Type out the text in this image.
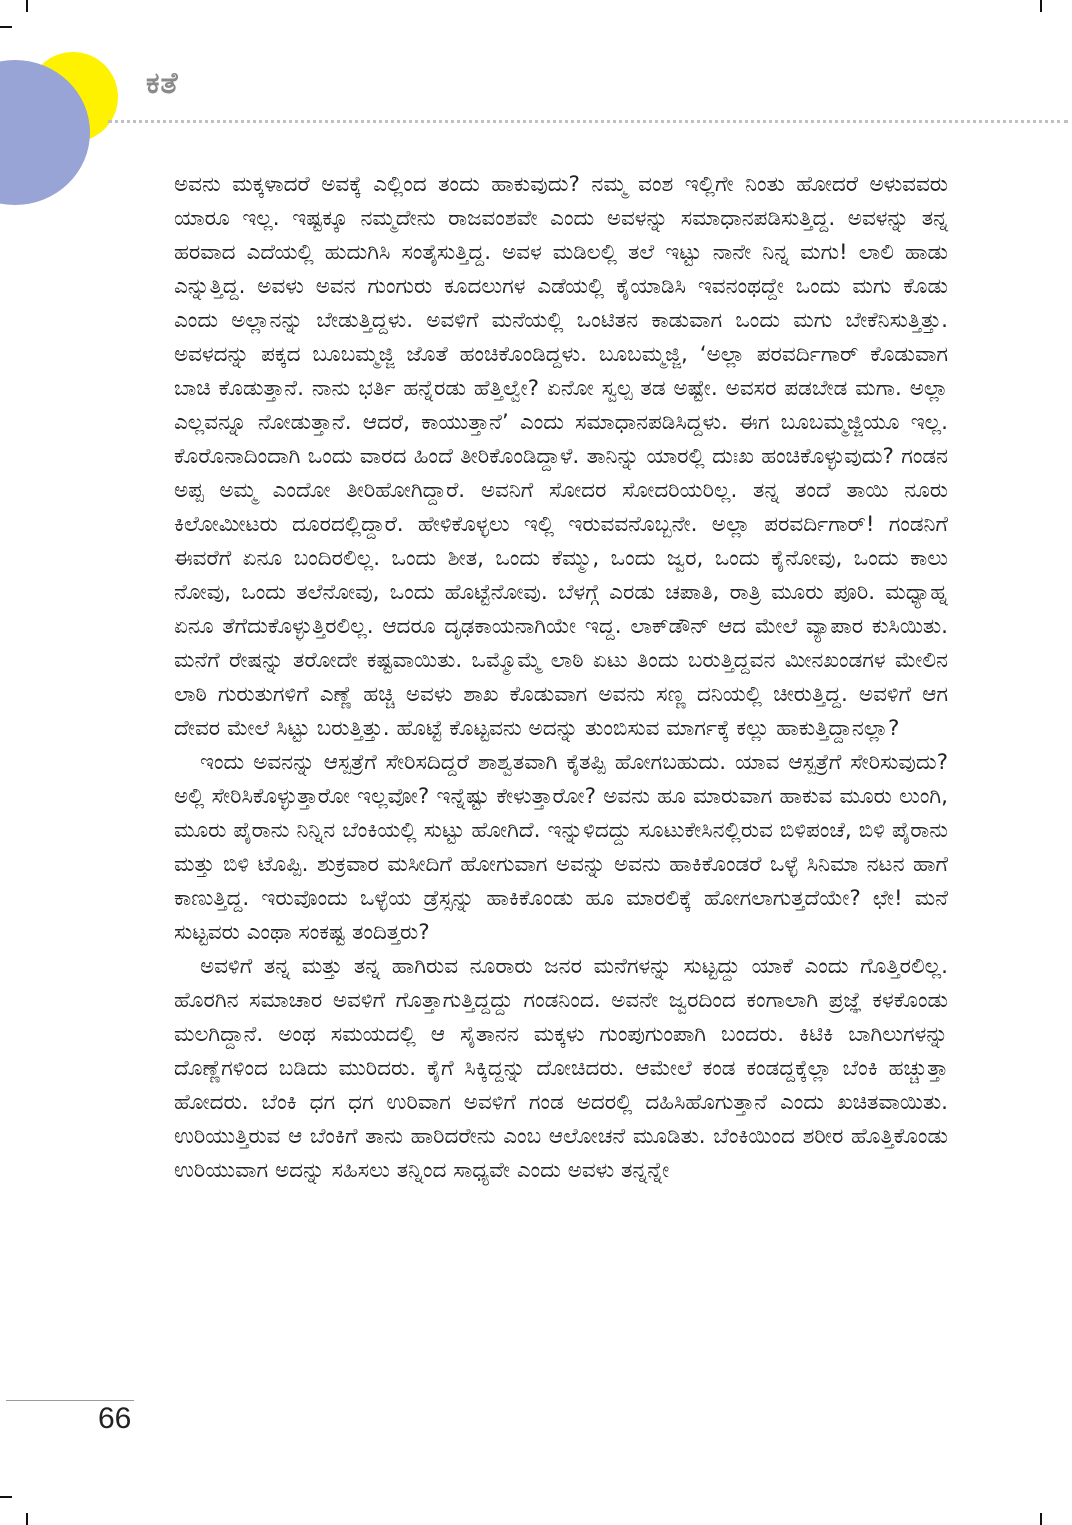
ಕತೆ

ಅವನು ಮಕ್ಕಳಾದರೆ ಅವಕ್ಕೆ ಎಲ್ಲಿಂದ ತಂದು ಹಾಕುವುದು? ನಮ್ಮ ವಂಶ ಇಲ್ಲಿಗೇ ನಿಂತು ಹೋದರೆ ಅಳುವವರು ಯಾರೂ ಇಲ್ಲ. ಇಷ್ಟಕ್ಕೂ ನಮ್ಮದೇನು ರಾಜವಂಶವೇ ಎಂದು ಅವಳನ್ನು ಸಮಾಧಾನಪಡಿಸುತ್ತಿದ್ದ. ಅವಳನ್ನು ತನ್ನ ಹರವಾದ ಎದೆಯಲ್ಲಿ ಹುದುಗಿಸಿ ಸಂತೈಸುತ್ತಿದ್ದ. ಅವಳ ಮಡಿಲಲ್ಲಿ ತಲೆ ಇಟ್ಟು ನಾನೇ ನಿನ್ನ ಮಗು! ಲಾಲಿ ಹಾಡು ಎನ್ನುತ್ತಿದ್ದ. ಅವಳು ಅವನ ಗುಂಗುರು ಕೂದಲುಗಳ ಎಡೆಯಲ್ಲಿ ಕೈಯಾಡಿಸಿ ಇವನಂಥದ್ದೇ ಒಂದು ಮಗು ಕೊಡು ಎಂದು ಅಲ್ಲಾನನ್ನು ಬೇಡುತ್ತಿದ್ದಳು. ಅವಳಿಗೆ ಮನೆಯಲ್ಲಿ ಒಂಟಿತನ ಕಾಡುವಾಗ ಒಂದು ಮಗು ಬೇಕೆನಿಸುತ್ತಿತ್ತು. ಅವಳದನ್ನು ಪಕ್ಕದ ಬೂಬಮ್ಮಜ್ಜಿ ಜೊತೆ ಹಂಚಿಕೊಂಡಿದ್ದಳು. ಬೂಬಮ್ಮಜ್ಜಿ, ‘ಅಲ್ಲಾ ಪರವರ್ದಿಗಾರ್ ಕೊಡುವಾಗ ಬಾಚಿ ಕೊಡುತ್ತಾನೆ. ನಾನು ಭರ್ತಿ ಹನ್ನೆರಡು ಹೆತ್ತಿಲ್ವೇ? ಏನೋ ಸ್ವಲ್ಪ ತಡ ಅಷ್ಟೇ. ಅವಸರ ಪಡಬೇಡ ಮಗಾ. ಅಲ್ಲಾ ಎಲ್ಲವನ್ನೂ ನೋಡುತ್ತಾನೆ. ಆದರೆ, ಕಾಯುತ್ತಾನೆ’ ಎಂದು ಸಮಾಧಾನಪಡಿಸಿದ್ದಳು. ಈಗ ಬೂಬಮ್ಮಜ್ಜಿಯೂ ಇಲ್ಲ. ಕೊರೊನಾದಿಂದಾಗಿ ಒಂದು ವಾರದ ಹಿಂದೆ ತೀರಿಕೊಂಡಿದ್ದಾಳೆ. ತಾನಿನ್ನು ಯಾರಲ್ಲಿ ದುಃಖ ಹಂಚಿಕೊಳ್ಳುವುದು? ಗಂಡನ ಅಪ್ಪ ಅಮ್ಮ ಎಂದೋ ತೀರಿಹೋಗಿದ್ದಾರೆ. ಅವನಿಗೆ ಸೋದರ ಸೋದರಿಯರಿಲ್ಲ. ತನ್ನ ತಂದೆ ತಾಯಿ ನೂರು ಕಿಲೋಮೀಟರು ದೂರದಲ್ಲಿದ್ದಾರೆ. ಹೇಳಿಕೊಳ್ಳಲು ಇಲ್ಲಿ ಇರುವವನೊಬ್ಬನೇ. ಅಲ್ಲಾ ಪರವರ್ದಿಗಾರ್! ಗಂಡನಿಗೆ ಈವರೆಗೆ ಏನೂ ಬಂದಿರಲಿಲ್ಲ. ಒಂದು ಶೀತ, ಒಂದು ಕೆಮ್ಮು, ಒಂದು ಜ್ವರ, ಒಂದು ಕೈನೋವು, ಒಂದು ಕಾಲು ನೋವು, ಒಂದು ತಲೆನೋವು, ಒಂದು ಹೊಟ್ಟೆನೋವು. ಬೆಳಗ್ಗೆ ಎರಡು ಚಪಾತಿ, ರಾತ್ರಿ ಮೂರು ಪೂರಿ. ಮಧ್ಯಾಹ್ನ ಏನೂ ತೆಗೆದುಕೊಳ್ಳುತ್ತಿರಲಿಲ್ಲ. ಆದರೂ ದೃಢಕಾಯನಾಗಿಯೇ ಇದ್ದ. ಲಾಕ್‌ಡೌನ್ ಆದ ಮೇಲೆ ವ್ಯಾಪಾರ ಕುಸಿಯಿತು. ಮನೆಗೆ ರೇಷನ್ನು ತರೋದೇ ಕಷ್ಟವಾಯಿತು. ಒಮ್ಮೊಮ್ಮೆ ಲಾಠಿ ಏಟು ತಿಂದು ಬರುತ್ತಿದ್ದವನ ಮೀನಖಂಡಗಳ ಮೇಲಿನ ಲಾಠಿ ಗುರುತುಗಳಿಗೆ ಎಣ್ಣೆ ಹಚ್ಚಿ ಅವಳು ಶಾಖ ಕೊಡುವಾಗ ಅವನು ಸಣ್ಣ ದನಿಯಲ್ಲಿ ಚೀರುತ್ತಿದ್ದ. ಅವಳಿಗೆ ಆಗ ದೇವರ ಮೇಲೆ ಸಿಟ್ಟು ಬರುತ್ತಿತ್ತು. ಹೊಟ್ಟೆ ಕೊಟ್ಟವನು ಅದನ್ನು ತುಂಬಿಸುವ ಮಾರ್ಗಕ್ಕೆ ಕಲ್ಲು ಹಾಕುತ್ತಿದ್ದಾನಲ್ಲಾ?

ಇಂದು ಅವನನ್ನು ಆಸ್ಪತ್ರೆಗೆ ಸೇರಿಸದಿದ್ದರೆ ಶಾಶ್ವತವಾಗಿ ಕೈತಪ್ಪಿ ಹೋಗಬಹುದು. ಯಾವ ಆಸ್ಪತ್ರೆಗೆ ಸೇರಿಸುವುದು? ಅಲ್ಲಿ ಸೇರಿಸಿಕೊಳ್ಳುತ್ತಾರೋ ಇಲ್ಲವೋ? ಇನ್ನೆಷ್ಟು ಕೇಳುತ್ತಾರೋ? ಅವನು ಹೂ ಮಾರುವಾಗ ಹಾಕುವ ಮೂರು ಲುಂಗಿ, ಮೂರು ಪೈರಾನು ನಿನ್ನಿನ ಬೆಂಕಿಯಲ್ಲಿ ಸುಟ್ಟು ಹೋಗಿದೆ. ಇನ್ನುಳಿದದ್ದು ಸೂಟುಕೇಸಿನಲ್ಲಿರುವ ಬಿಳಿಪಂಚೆ, ಬಿಳಿ ಪೈರಾನು ಮತ್ತು ಬಿಳಿ ಟೊಪ್ಪಿ. ಶುಕ್ರವಾರ ಮಸೀದಿಗೆ ಹೋಗುವಾಗ ಅವನ್ನು ಅವನು ಹಾಕಿಕೊಂಡರೆ ಒಳ್ಳೆ ಸಿನಿಮಾ ನಟನ ಹಾಗೆ ಕಾಣುತ್ತಿದ್ದ. ಇರುವೊಂದು ಒಳ್ಳೆಯ ಡ್ರೆಸ್ಸನ್ನು ಹಾಕಿಕೊಂಡು ಹೂ ಮಾರಲಿಕ್ಕೆ ಹೋಗಲಾಗುತ್ತದೆಯೇ? ಛೇ! ಮನೆ ಸುಟ್ಟವರು ಎಂಥಾ ಸಂಕಷ್ಟ ತಂದಿತ್ತರು?

ಅವಳಿಗೆ ತನ್ನ ಮತ್ತು ತನ್ನ ಹಾಗಿರುವ ನೂರಾರು ಜನರ ಮನೆಗಳನ್ನು ಸುಟ್ಟದ್ದು ಯಾಕೆ ಎಂದು ಗೊತ್ತಿರಲಿಲ್ಲ. ಹೊರಗಿನ ಸಮಾಚಾರ ಅವಳಿಗೆ ಗೊತ್ತಾಗುತ್ತಿದ್ದದ್ದು ಗಂಡನಿಂದ. ಅವನೇ ಜ್ವರದಿಂದ ಕಂಗಾಲಾಗಿ ಪ್ರಜ್ಞೆ ಕಳಕೊಂಡು ಮಲಗಿದ್ದಾನೆ. ಅಂಥ ಸಮಯದಲ್ಲಿ ಆ ಸೈತಾನನ ಮಕ್ಕಳು ಗುಂಪುಗುಂಪಾಗಿ ಬಂದರು. ಕಿಟಿಕಿ ಬಾಗಿಲುಗಳನ್ನು ದೊಣ್ಣೆಗಳಿಂದ ಬಡಿದು ಮುರಿದರು. ಕೈಗೆ ಸಿಕ್ಕಿದ್ದನ್ನು ದೋಚಿದರು. ಆಮೇಲೆ ಕಂಡ ಕಂಡದ್ದಕ್ಕೆಲ್ಲಾ ಬೆಂಕಿ ಹಚ್ಚುತ್ತಾ ಹೋದರು. ಬೆಂಕಿ ಧಗ ಧಗ ಉರಿವಾಗ ಅವಳಿಗೆ ಗಂಡ ಅದರಲ್ಲಿ ದಹಿಸಿಹೊಗುತ್ತಾನೆ ಎಂದು ಖಚಿತವಾಯಿತು. ಉರಿಯುತ್ತಿರುವ ಆ ಬೆಂಕಿಗೆ ತಾನು ಹಾರಿದರೇನು ಎಂಬ ಆಲೋಚನೆ ಮೂಡಿತು. ಬೆಂಕಿಯಿಂದ ಶರೀರ ಹೊತ್ತಿಕೊಂಡು ಉರಿಯುವಾಗ ಅದನ್ನು ಸಹಿಸಲು ತನ್ನಿಂದ ಸಾಧ್ಯವೇ ಎಂದು ಅವಳು ತನ್ನನ್ನೇ

66
